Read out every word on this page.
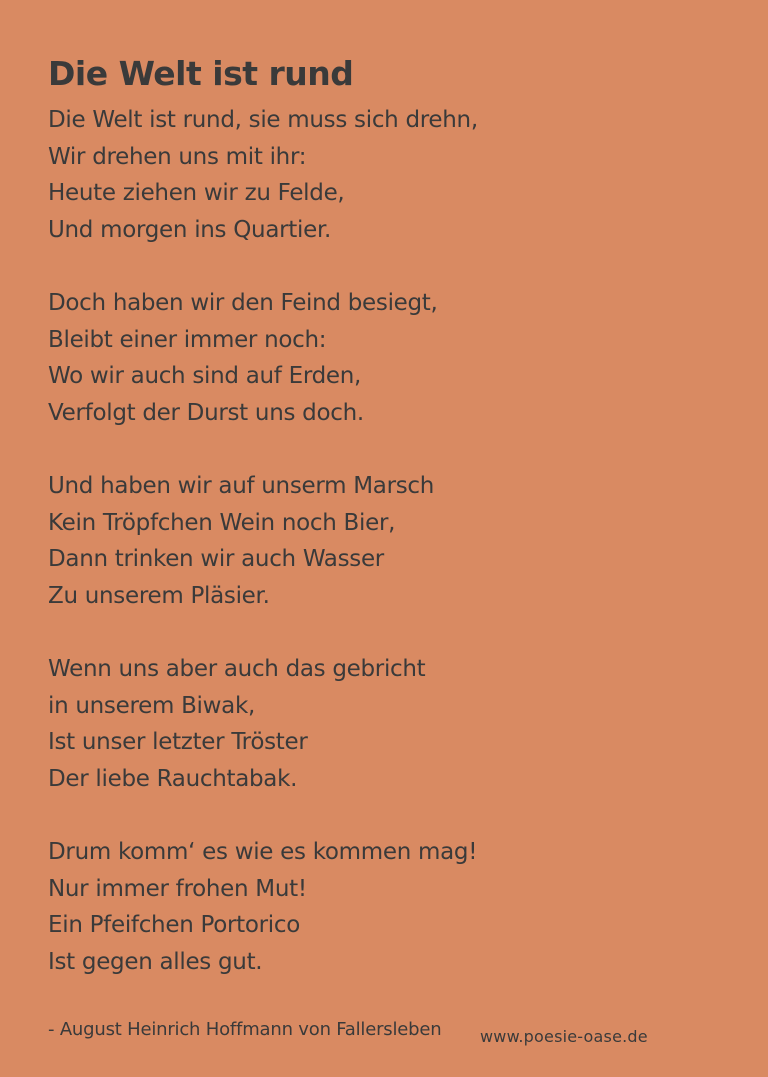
Die Welt ist rund
Die Welt ist rund, sie muss sich drehn,
Wir drehen uns mit ihr:
Heute ziehen wir zu Felde,
Und morgen ins Quartier.
Doch haben wir den Feind besiegt,
Bleibt einer immer noch:
Wo wir auch sind auf Erden,
Verfolgt der Durst uns doch.
Und haben wir auf unserm Marsch
Kein Tröpfchen Wein noch Bier,
Dann trinken wir auch Wasser
Zu unserem Pläsier.
Wenn uns aber auch das gebricht
in unserem Biwak,
Ist unser letzter Tröster
Der liebe Rauchtabak.
Drum komm‘ es wie es kommen mag!
Nur immer frohen Mut!
Ein Pfeifchen Portorico
Ist gegen alles gut.
- August Heinrich Hoffmann von Fallersleben	www.poesie-oase.de
